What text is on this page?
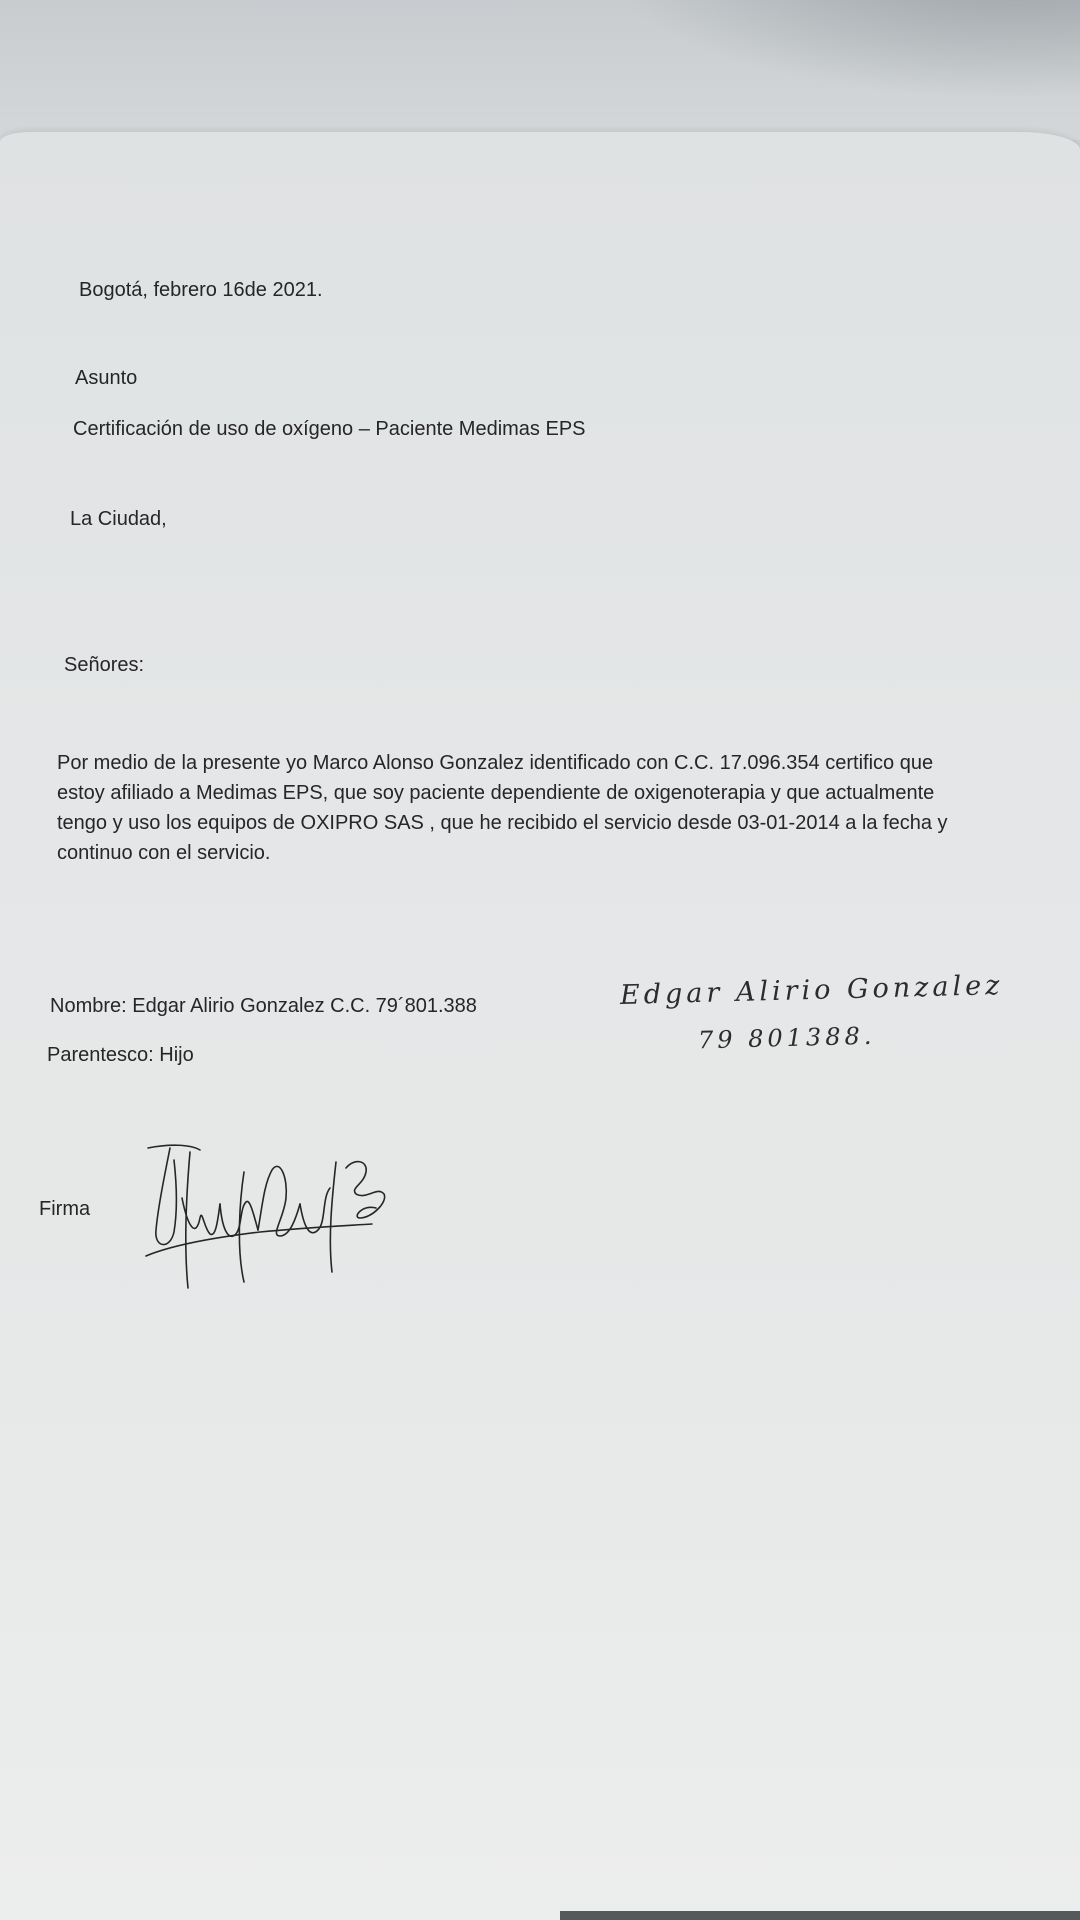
Bogotá, febrero 16de 2021.

Asunto

Certificación de uso de oxígeno – Paciente Medimas EPS

La Ciudad,

Señores:

Por medio de la presente yo Marco Alonso Gonzalez identificado con C.C. 17.096.354 certifico que
estoy afiliado a Medimas EPS, que soy paciente dependiente de oxigenoterapia y que actualmente
tengo y uso los equipos de OXIPRO SAS , que he recibido el servicio desde 03-01-2014 a la fecha y
continuo con el servicio.

Nombre: Edgar Alirio Gonzalez C.C. 79´801.388

Parentesco: Hijo

Edgar Alirio Gonzalez
79 801388.

Firma
